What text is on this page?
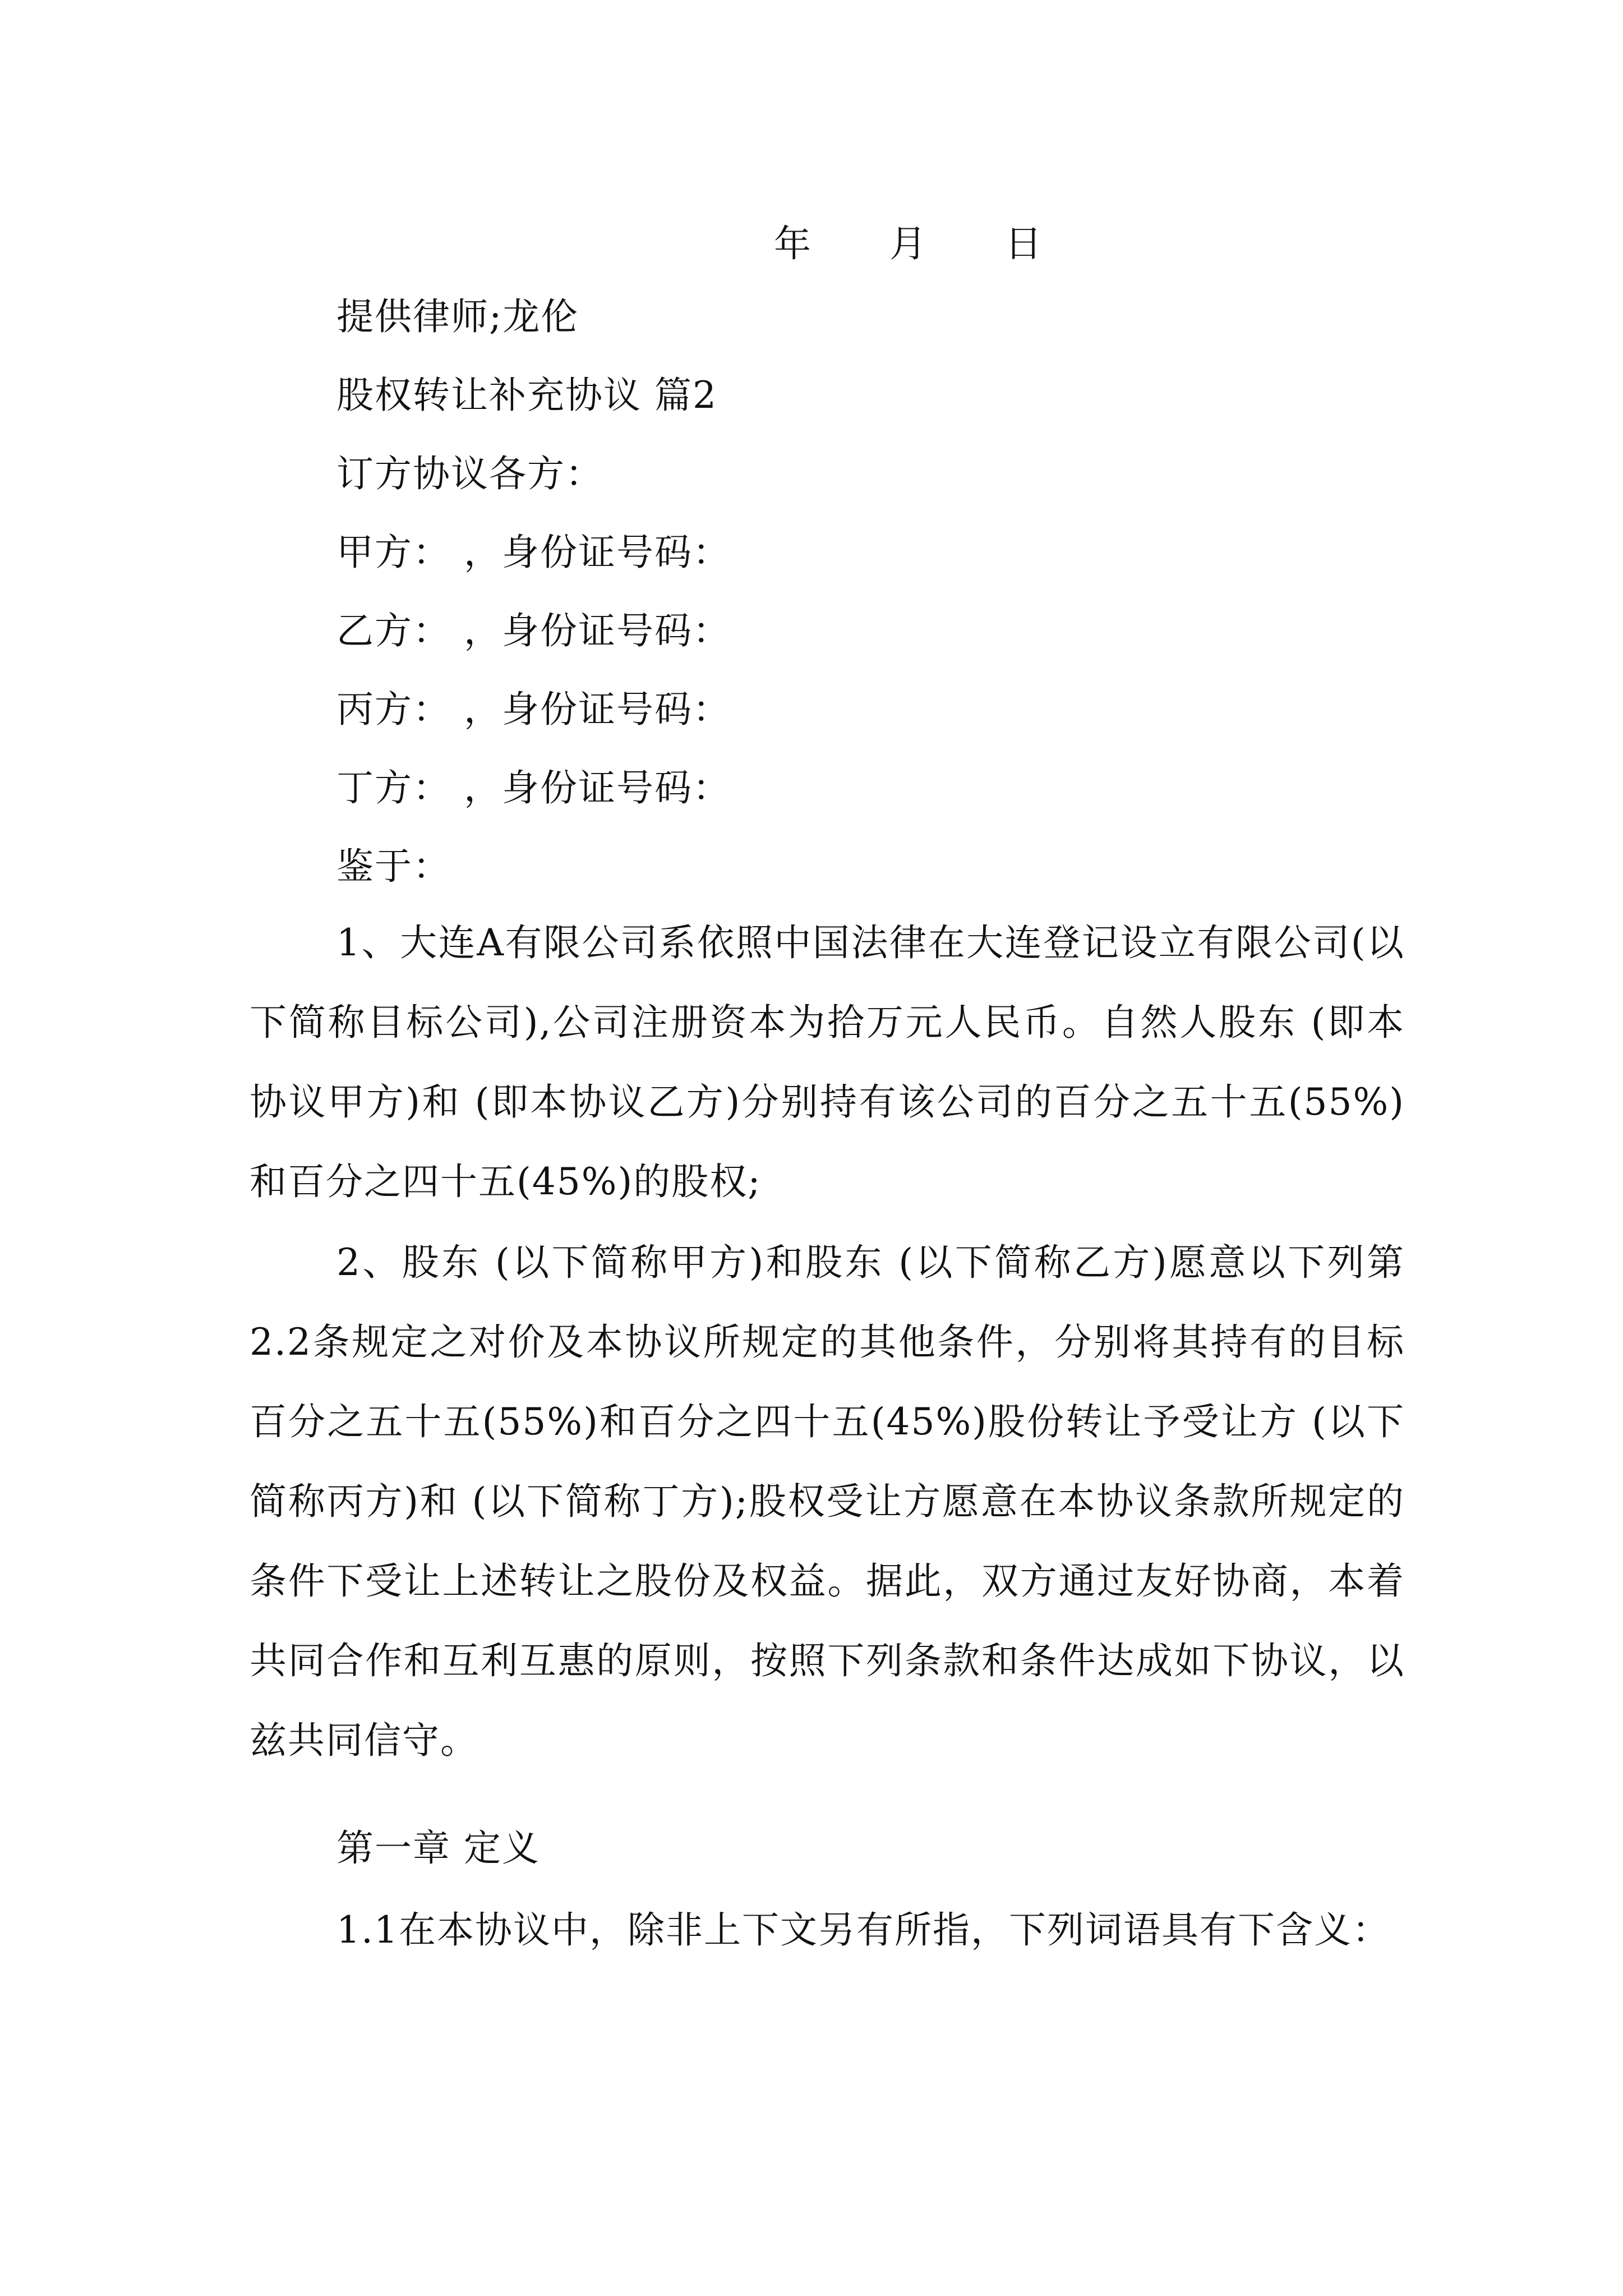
年      月      日
提供律师;龙伦
股权转让补充协议 篇2
订方协议各方：
甲方： ，身份证号码：
乙方： ，身份证号码：
丙方： ，身份证号码：
丁方： ，身份证号码：
鉴于：

1、大连A有限公司系依照中国法律在大连登记设立有限公司(以下简称目标公司),公司注册资本为拾万元人民币。自然人股东 (即本协议甲方)和 (即本协议乙方)分别持有该公司的百分之五十五(55%)和百分之四十五(45%)的股权;

2、股东 (以下简称甲方)和股东 (以下简称乙方)愿意以下列第2.2条规定之对价及本协议所规定的其他条件，分别将其持有的目标百分之五十五(55%)和百分之四十五(45%)股份转让予受让方 (以下简称丙方)和 (以下简称丁方);股权受让方愿意在本协议条款所规定的条件下受让上述转让之股份及权益。据此，双方通过友好协商，本着共同合作和互利互惠的原则，按照下列条款和条件达成如下协议，以兹共同信守。

第一章 定义

1.1在本协议中，除非上下文另有所指，下列词语具有下含义：
